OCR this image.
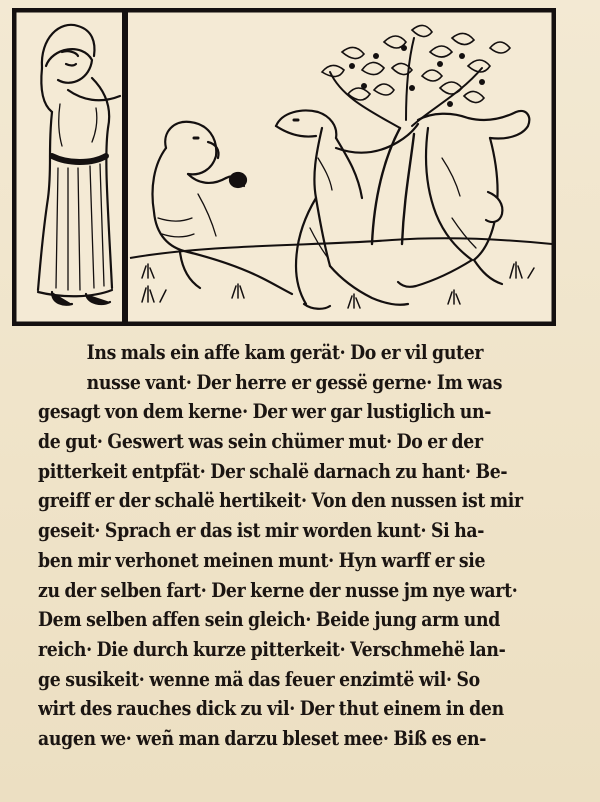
Ins mals ein affe kam gerät· Do er vil guter
nusse vant· Der herre er gessë gerne· Im was
gesagt von dem kerne· Der wer gar lustiglich un-
de gut· Geswert was sein chümer mut· Do er der
pitterkeit entpfät· Der schalë darnach zu hant· Be-
greiff er der schalë hertikeit· Von den nussen ist mir
geseit· Sprach er das ist mir worden kunt· Si ha-
ben mir verhonet meinen munt· Hyn warff er sie
zu der selben fart· Der kerne der nusse jm nye wart·
Dem selben affen sein gleich· Beide jung arm und
reich· Die durch kurze pitterkeit· Verschmehë lan-
ge susikeit· wenne mä das feuer enzimtë wil· So
wirt des rauches dick zu vil· Der thut einem in den
augen we· weñ man darzu bleset mee· Biß es en-
